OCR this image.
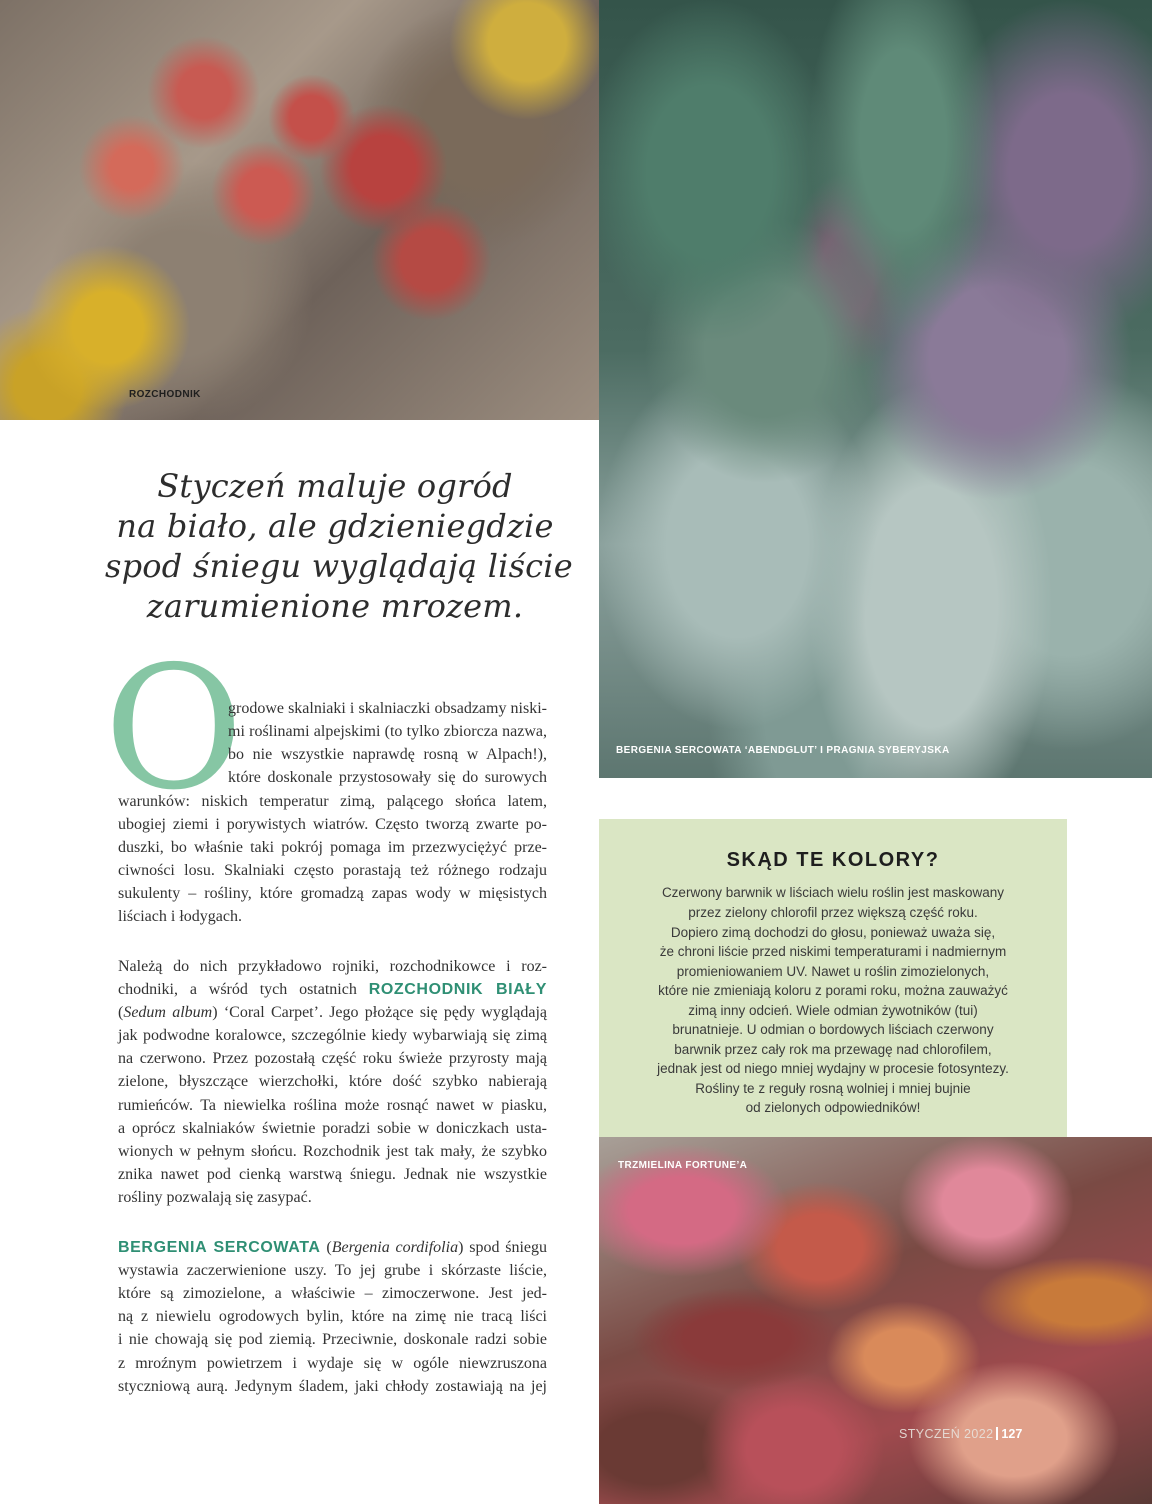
ROZCHODNIK
BERGENIA SERCOWATA ‘ABENDGLUT’ I PRAGNIA SYBERYJSKA
TRZMIELINA FORTUNE’A
STYCZEŃ 2022 127
Styczeń maluje ogród
na biało, ale gdzieniegdzie
spod śniegu wyglądają liście
zarumienione mrozem.
O
grodowe skalniaki i skalniaczki obsadzamy niski-
mi roślinami alpejskimi (to tylko zbiorcza nazwa,
bo nie wszystkie naprawdę rosną w Alpach!),
które doskonale przystosowały się do surowych
warunków: niskich temperatur zimą, palącego słońca latem,
ubogiej ziemi i porywistych wiatrów. Często tworzą zwarte po-
duszki, bo właśnie taki pokrój pomaga im przezwyciężyć prze-
ciwności losu. Skalniaki często porastają też różnego rodzaju
sukulenty – rośliny, które gromadzą zapas wody w mięsistych
liściach i łodygach.
Należą do nich przykładowo rojniki, rozchodnikowce i roz-
chodniki, a wśród tych ostatnich ROZCHODNIK BIAŁY
(Sedum album) ‘Coral Carpet’. Jego płożące się pędy wyglądają
jak podwodne koralowce, szczególnie kiedy wybarwiają się zimą
na czerwono. Przez pozostałą część roku świeże przyrosty mają
zielone, błyszczące wierzchołki, które dość szybko nabierają
rumieńców. Ta niewielka roślina może rosnąć nawet w piasku,
a oprócz skalniaków świetnie poradzi sobie w doniczkach usta-
wionych w pełnym słońcu. Rozchodnik jest tak mały, że szybko
znika nawet pod cienką warstwą śniegu. Jednak nie wszystkie
rośliny pozwalają się zasypać.
BERGENIA SERCOWATA (Bergenia cordifolia) spod śniegu
wystawia zaczerwienione uszy. To jej grube i skórzaste liście,
które są zimozielone, a właściwie – zimoczerwone. Jest jed-
ną z niewielu ogrodowych bylin, które na zimę nie tracą liści
i nie chowają się pod ziemią. Przeciwnie, doskonale radzi sobie
z mroźnym powietrzem i wydaje się w ogóle niewzruszona
styczniową aurą. Jedynym śladem, jaki chłody zostawiają na jej
SKĄD TE KOLORY?
Czerwony barwnik w liściach wielu roślin jest maskowany
przez zielony chlorofil przez większą część roku.
Dopiero zimą dochodzi do głosu, ponieważ uważa się,
że chroni liście przed niskimi temperaturami i nadmiernym
promieniowaniem UV. Nawet u roślin zimozielonych,
które nie zmieniają koloru z porami roku, można zauważyć
zimą inny odcień. Wiele odmian żywotników (tui)
brunatnieje. U odmian o bordowych liściach czerwony
barwnik przez cały rok ma przewagę nad chlorofilem,
jednak jest od niego mniej wydajny w procesie fotosyntezy.
Rośliny te z reguły rosną wolniej i mniej bujnie
od zielonych odpowiedników!
